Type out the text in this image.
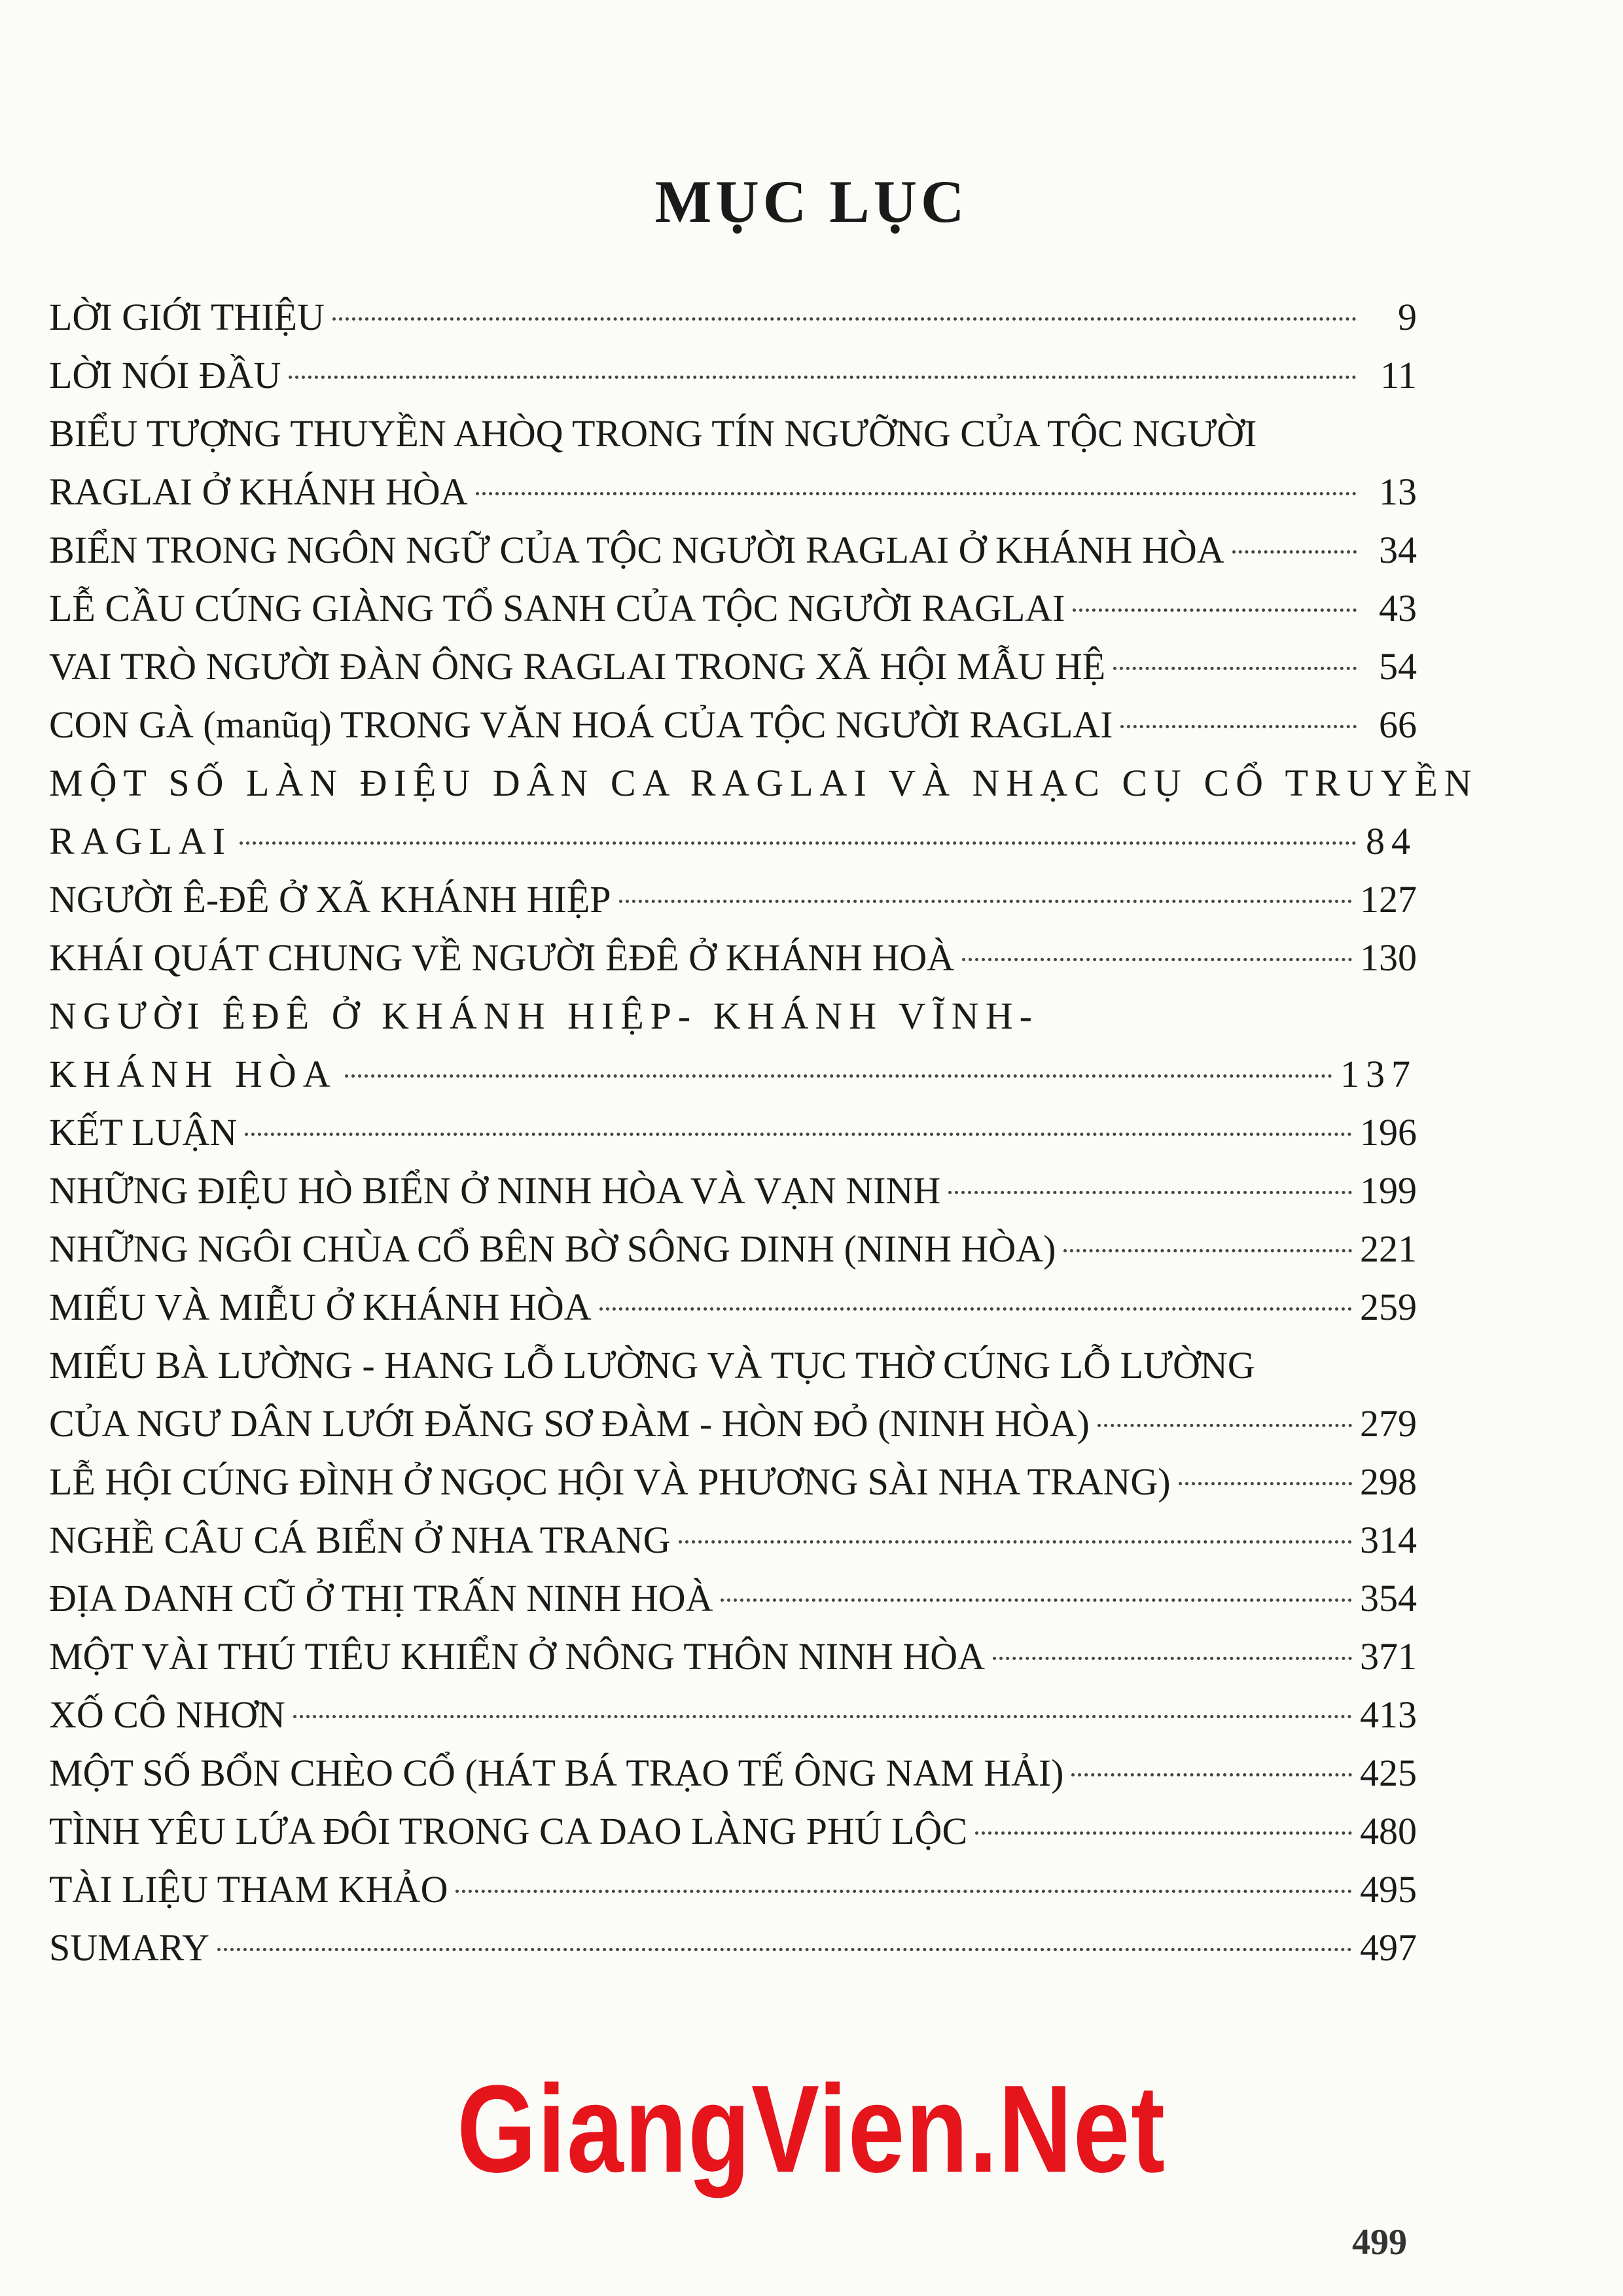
MỤC LỤC
LỜI GIỚI THIỆU	9
LỜI NÓI ĐẦU	11
BIỂU TƯỢNG THUYỀN AHÒQ TRONG TÍN NGƯỠNG CỦA TỘC NGƯỜI
RAGLAI Ở KHÁNH HÒA	13
BIỂN TRONG NGÔN NGỮ CỦA TỘC NGƯỜI RAGLAI Ở KHÁNH HÒA	34
LỄ CẦU CÚNG GIÀNG TỔ SANH CỦA TỘC NGƯỜI RAGLAI	43
VAI TRÒ NGƯỜI ĐÀN ÔNG RAGLAI TRONG XÃ HỘI MẪU HỆ	54
CON GÀ (manũq) TRONG VĂN HOÁ CỦA TỘC NGƯỜI RAGLAI	66
MỘT SỐ LÀN ĐIỆU DÂN CA RAGLAI VÀ NHẠC CỤ CỔ TRUYỀN
RAGLAI	84
NGƯỜI Ê-ĐÊ Ở XÃ KHÁNH HIỆP	127
KHÁI QUÁT CHUNG VỀ NGƯỜI ÊĐÊ Ở KHÁNH HOÀ	130
NGƯỜI ÊĐÊ Ở KHÁNH HIỆP- KHÁNH VĨNH-
KHÁNH HÒA	137
KẾT LUẬN	196
NHỮNG ĐIỆU HÒ BIỂN Ở NINH HÒA VÀ VẠN NINH	199
NHỮNG NGÔI CHÙA CỔ BÊN BỜ SÔNG DINH (NINH HÒA)	221
MIẾU VÀ MIỄU Ở KHÁNH HÒA	259
MIẾU BÀ LƯỜNG - HANG LỖ LƯỜNG VÀ TỤC THỜ CÚNG LỖ LƯỜNG
CỦA NGƯ DÂN LƯỚI ĐĂNG SƠ ĐÀM - HÒN ĐỎ (NINH HÒA)	279
LỄ HỘI CÚNG ĐÌNH Ở NGỌC HỘI VÀ PHƯƠNG SÀI NHA TRANG)	298
NGHỀ CÂU CÁ BIỂN Ở NHA TRANG	314
ĐỊA DANH CŨ Ở THỊ TRẤN NINH HOÀ	354
MỘT VÀI THÚ TIÊU KHIỂN Ở NÔNG THÔN NINH HÒA	371
XỐ CÔ NHƠN	413
MỘT SỐ BỔN CHÈO CỔ (HÁT BÁ TRẠO TẾ ÔNG NAM HẢI)	425
TÌNH YÊU LỨA ĐÔI TRONG CA DAO LÀNG PHÚ LỘC	480
TÀI LIỆU THAM KHẢO	495
SUMARY	497
GiangVien.Net
499
